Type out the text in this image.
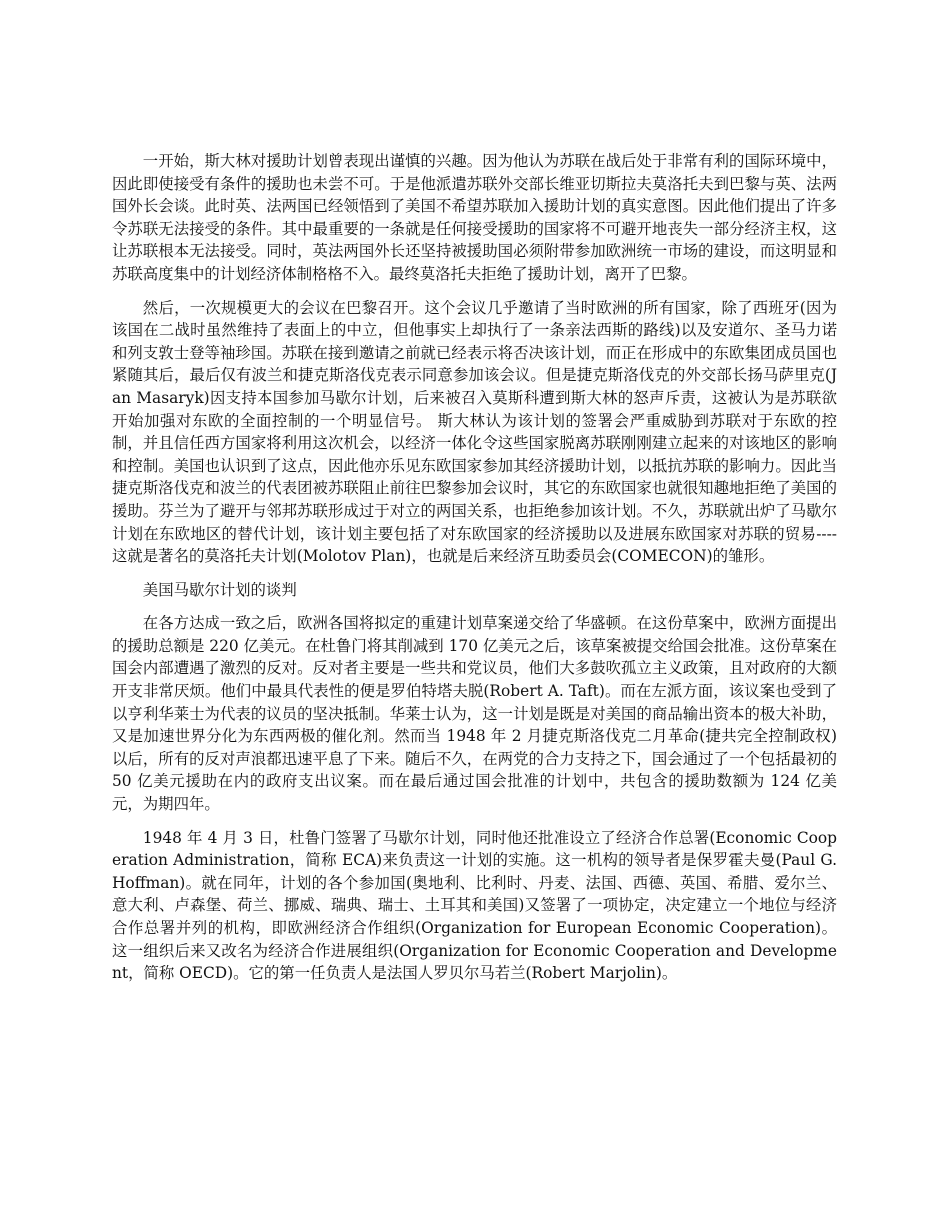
一开始，斯大林对援助计划曾表现出谨慎的兴趣。因为他认为苏联在战后处于非常有利的国际环境中，因此即使接受有条件的援助也未尝不可。于是他派遣苏联外交部长维亚切斯拉夫莫洛托夫到巴黎与英、法两国外长会谈。此时英、法两国已经领悟到了美国不希望苏联加入援助计划的真实意图。因此他们提出了许多令苏联无法接受的条件。其中最重要的一条就是任何接受援助的国家将不可避开地丧失一部分经济主权，这让苏联根本无法接受。同时，英法两国外长还坚持被援助国必须附带参加欧洲统一市场的建设，而这明显和苏联高度集中的计划经济体制格格不入。最终莫洛托夫拒绝了援助计划，离开了巴黎。

然后，一次规模更大的会议在巴黎召开。这个会议几乎邀请了当时欧洲的所有国家，除了西班牙(因为该国在二战时虽然维持了表面上的中立，但他事实上却执行了一条亲法西斯的路线)以及安道尔、圣马力诺和列支敦士登等袖珍国。苏联在接到邀请之前就已经表示将否决该计划，而正在形成中的东欧集团成员国也紧随其后，最后仅有波兰和捷克斯洛伐克表示同意参加该会议。但是捷克斯洛伐克的外交部长扬马萨里克(Jan Masaryk)因支持本国参加马歇尔计划，后来被召入莫斯科遭到斯大林的怒声斥责，这被认为是苏联欲开始加强对东欧的全面控制的一个明显信号。 斯大林认为该计划的签署会严重威胁到苏联对于东欧的控制，并且信任西方国家将利用这次机会，以经济一体化令这些国家脱离苏联刚刚建立起来的对该地区的影响和控制。美国也认识到了这点，因此他亦乐见东欧国家参加其经济援助计划，以抵抗苏联的影响力。因此当捷克斯洛伐克和波兰的代表团被苏联阻止前往巴黎参加会议时，其它的东欧国家也就很知趣地拒绝了美国的援助。芬兰为了避开与邻邦苏联形成过于对立的两国关系，也拒绝参加该计划。不久，苏联就出炉了马歇尔计划在东欧地区的替代计划，该计划主要包括了对东欧国家的经济援助以及进展东欧国家对苏联的贸易----这就是著名的莫洛托夫计划(Molotov Plan)，也就是后来经济互助委员会(COMECON)的雏形。

美国马歇尔计划的谈判

在各方达成一致之后，欧洲各国将拟定的重建计划草案递交给了华盛顿。在这份草案中，欧洲方面提出的援助总额是 220 亿美元。在杜鲁门将其削减到 170 亿美元之后，该草案被提交给国会批准。这份草案在国会内部遭遇了激烈的反对。反对者主要是一些共和党议员，他们大多鼓吹孤立主义政策，且对政府的大额开支非常厌烦。他们中最具代表性的便是罗伯特塔夫脱(Robert A. Taft)。而在左派方面，该议案也受到了以亨利华莱士为代表的议员的坚决抵制。华莱士认为，这一计划是既是对美国的商品输出资本的极大补助，又是加速世界分化为东西两极的催化剂。然而当 1948 年 2 月捷克斯洛伐克二月革命(捷共完全控制政权)以后，所有的反对声浪都迅速平息了下来。随后不久，在两党的合力支持之下，国会通过了一个包括最初的 50 亿美元援助在内的政府支出议案。而在最后通过国会批准的计划中，共包含的援助数额为 124 亿美元，为期四年。

1948 年 4 月 3 日，杜鲁门签署了马歇尔计划，同时他还批准设立了经济合作总署(Economic Cooperation Administration，简称 ECA)来负责这一计划的实施。这一机构的领导者是保罗霍夫曼(Paul G. Hoffman)。就在同年，计划的各个参加国(奥地利、比利时、丹麦、法国、西德、英国、希腊、爱尔兰、意大利、卢森堡、荷兰、挪威、瑞典、瑞士、土耳其和美国)又签署了一项协定，决定建立一个地位与经济合作总署并列的机构，即欧洲经济合作组织(Organization for European Economic Cooperation)。这一组织后来又改名为经济合作进展组织(Organization for Economic Cooperation and Development，简称 OECD)。它的第一任负责人是法国人罗贝尔马若兰(Robert Marjolin)。
